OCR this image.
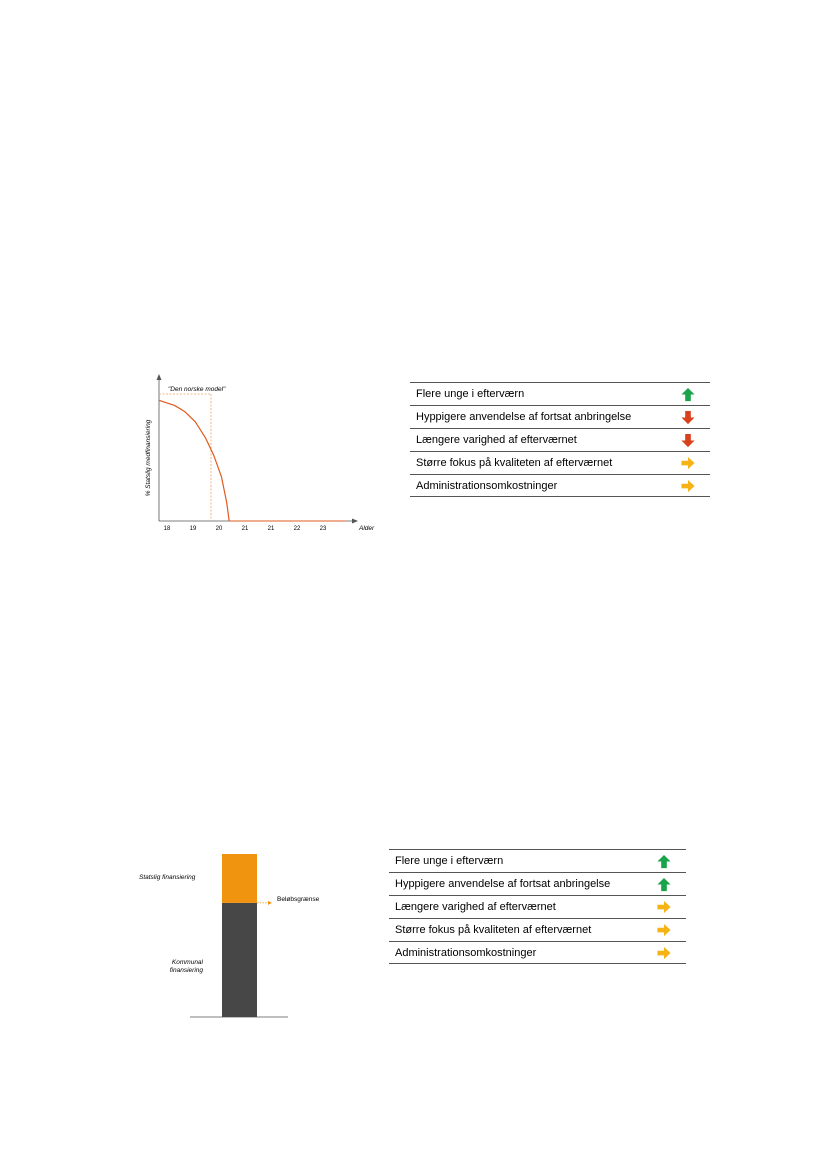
18	19	20	21	21	22	23
"Den norske model"
% Statslig medfinansiering
Alder
Flere unge i efterværn
Hyppigere anvendelse af fortsat anbringelse
Længere varighed af efterværnet
Større fokus på kvaliteten af efterværnet
Administrationsomkostninger
Statslig finansiering
Kommunal
finansiering
Beløbsgrænse
Flere unge i efterværn
Hyppigere anvendelse af fortsat anbringelse
Længere varighed af efterværnet
Større fokus på kvaliteten af efterværnet
Administrationsomkostninger
